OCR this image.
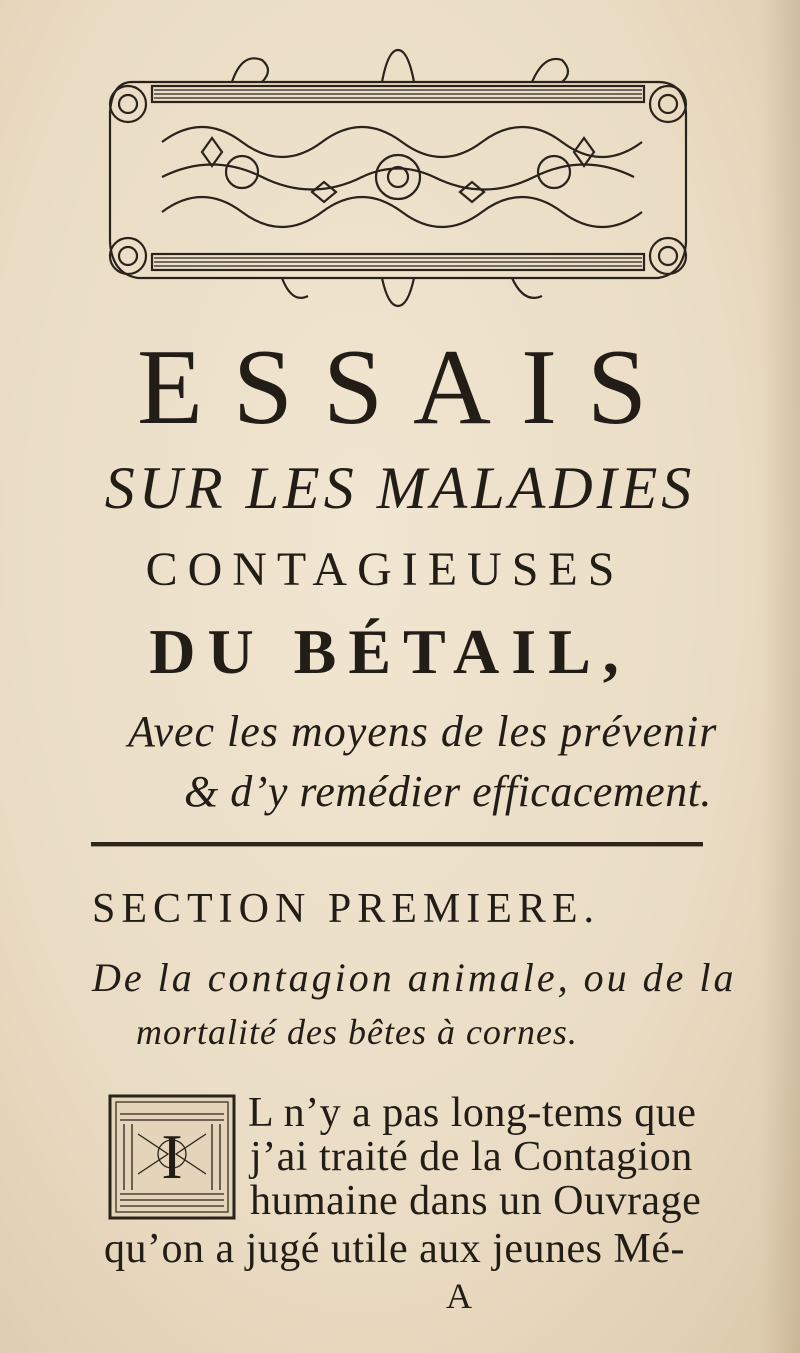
ESSAIS
SUR LES MALADIES
CONTAGIEUSES
DU BÉTAIL,
Avec les moyens de les prévenir
& d’y remédier efficacement.
SECTION PREMIERE.
De la contagion animale, ou de la
mortalité des bêtes à cornes.
I
L n’y a pas long-tems que
j’ai traité de la Contagion
humaine dans un Ouvrage
qu’on a jugé utile aux jeunes Mé-
A
